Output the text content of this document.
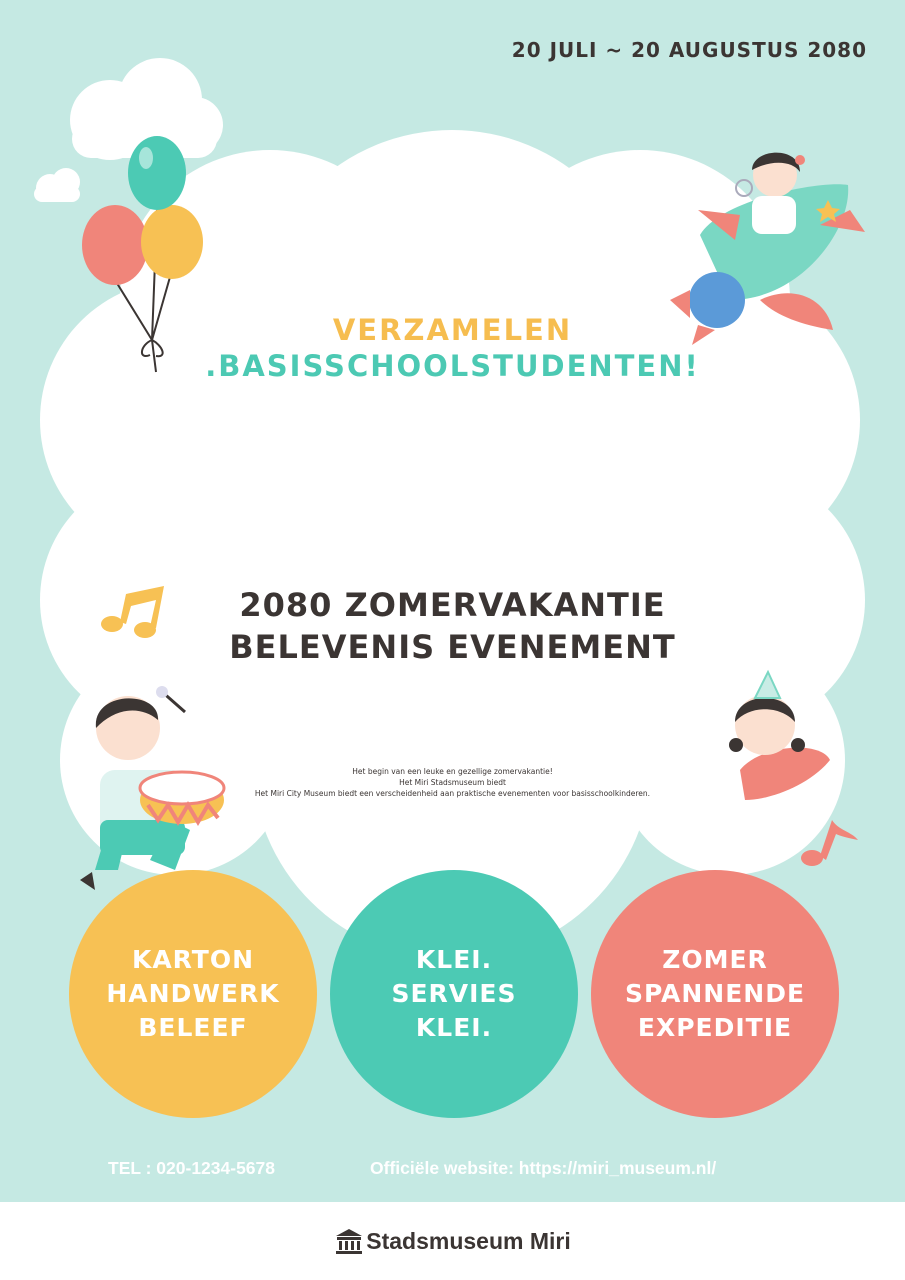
20 JULI ~ 20 AUGUSTUS 2080
VERZAMELEN
.BASISSCHOOLSTUDENTEN!
2080 ZOMERVAKANTIE
BELEVENIS EVENEMENT
Het begin van een leuke en gezellige zomervakantie!
Het Miri Stadsmuseum biedt
Het Miri City Museum biedt een verscheidenheid aan praktische evenementen voor basisschoolkinderen.
KARTON
HANDWERK
BELEEF
KLEI.
SERVIES
KLEI.
ZOMER
SPANNENDE
EXPEDITIE
TEL : 020-1234-5678	Officiële website: https://miri_museum.nl/
Stadsmuseum Miri
